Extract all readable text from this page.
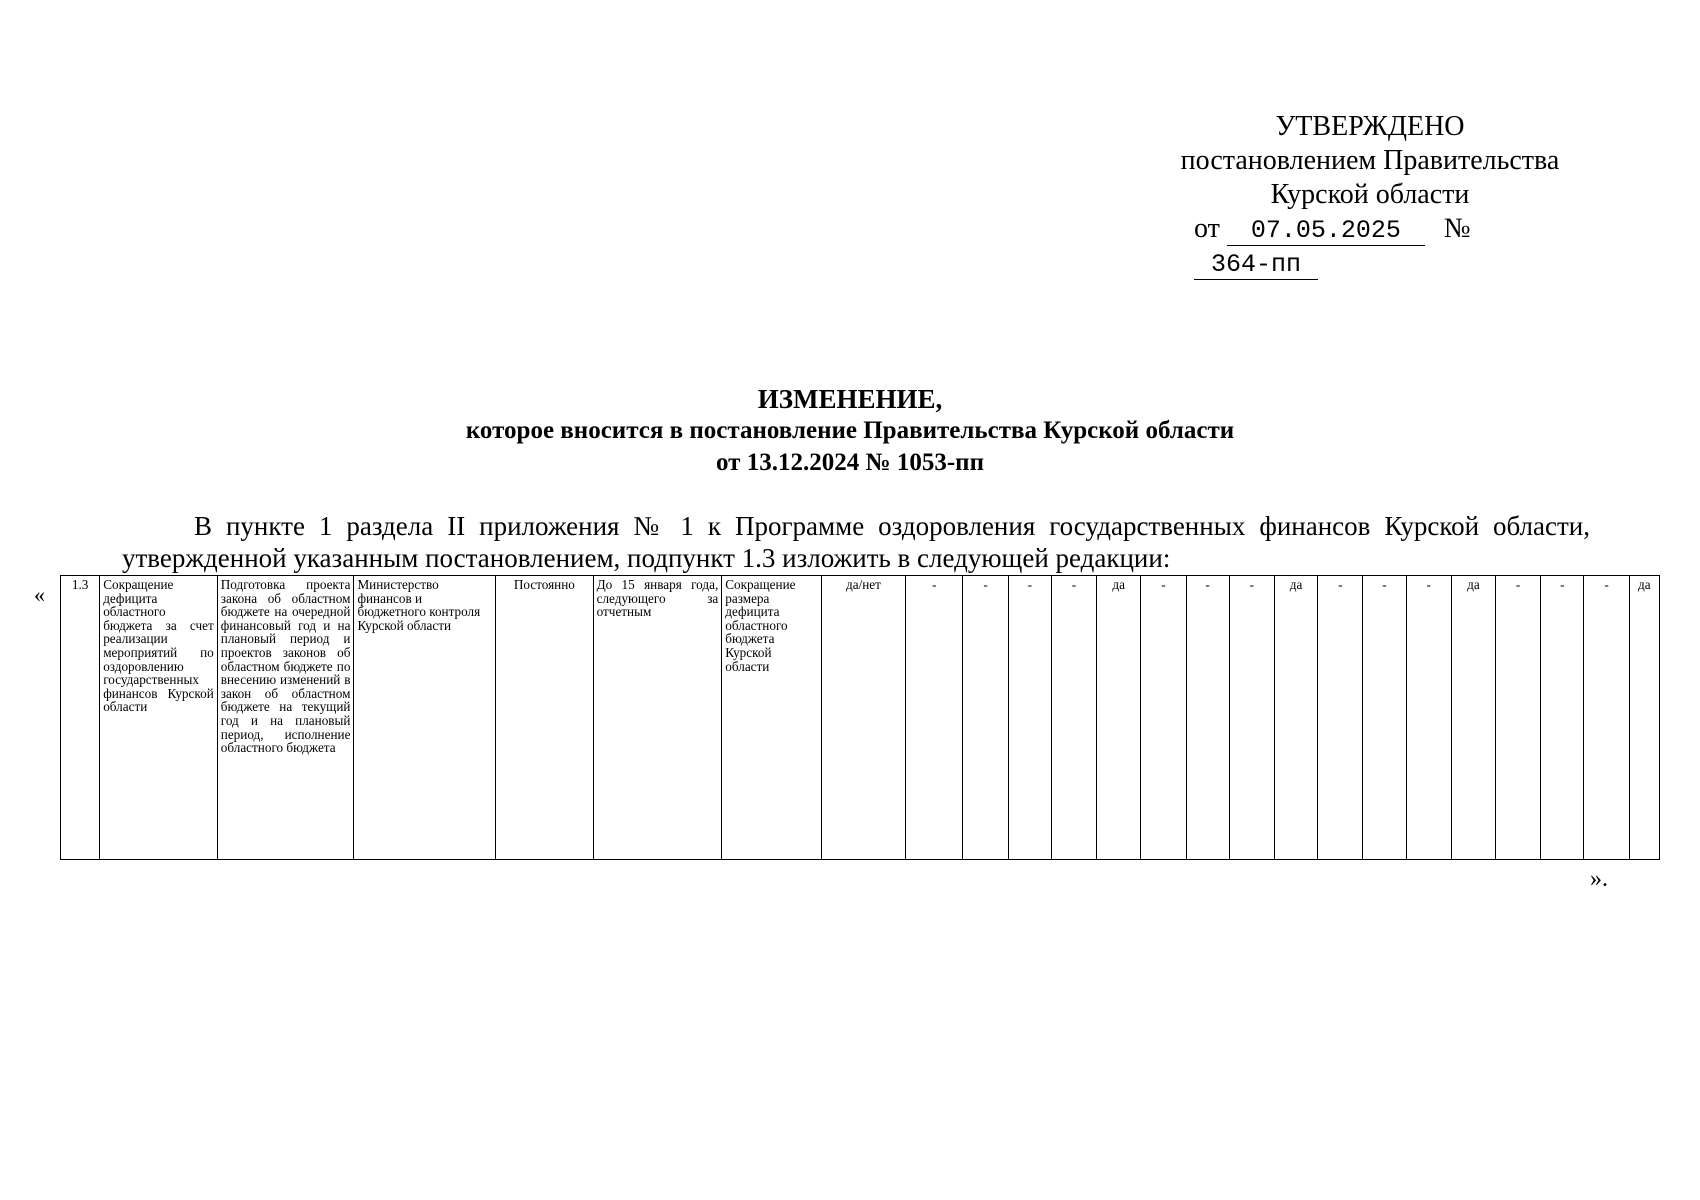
УТВЕРЖДЕНО
постановлением Правительства
Курской области
от 07.05.2025 № 364-пп
ИЗМЕНЕНИЕ,
которое вносится в постановление Правительства Курской области
от 13.12.2024 № 1053-пп
В пункте 1 раздела II приложения № 1 к Программе оздоровления государственных финансов Курской области, утвержденной указанным постановлением, подпункт 1.3 изложить в следующей редакции:
« 1.3	Сокращение дефицита областного бюджета за счет реализации мероприятий по оздоровлению государственных финансов Курской области	Подготовка проекта закона об областном бюджете на очередной финансовый год и на плановый период и проектов законов об областном бюджете по внесению изменений в закон об областном бюджете на текущий год и на плановый период, исполнение областного бюджета	Министерство финансов и бюджетного контроля Курской области	Постоянно	До 15 января года, следующего за отчетным	Сокращение размера дефицита областного бюджета Курской области	да/нет	-	-	-	-	да	-	-	-	да	-	-	-	да	-	-	-	да
».
